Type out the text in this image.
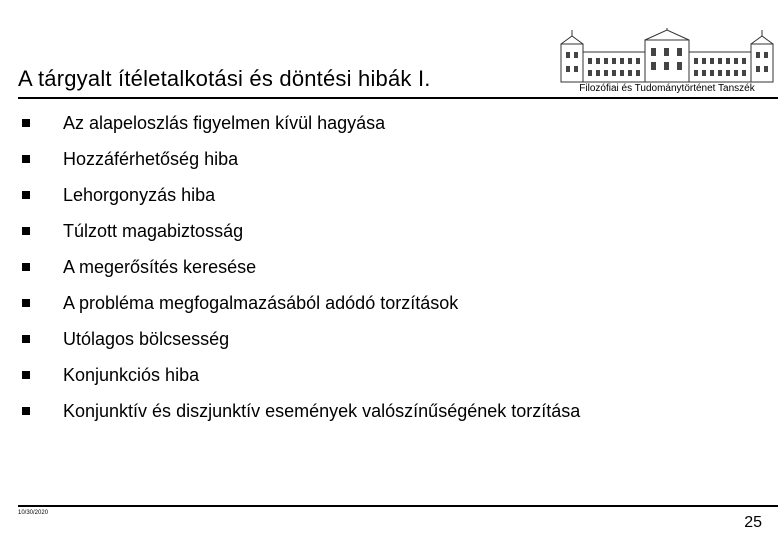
A tárgyalt ítéletalkotási és döntési hibák I.	Filozófiai és Tudománytörténet Tanszék
Az alapeloszlás figyelmen kívül hagyása
Hozzáférhetőség hiba
Lehorgonyzás hiba
Túlzott magabiztosság
A megerősítés keresése
A probléma megfogalmazásából adódó torzítások
Utólagos bölcsesség
Konjunkciós hiba
Konjunktív és diszjunktív események valószínűségének torzítása
10/30/2020
25
